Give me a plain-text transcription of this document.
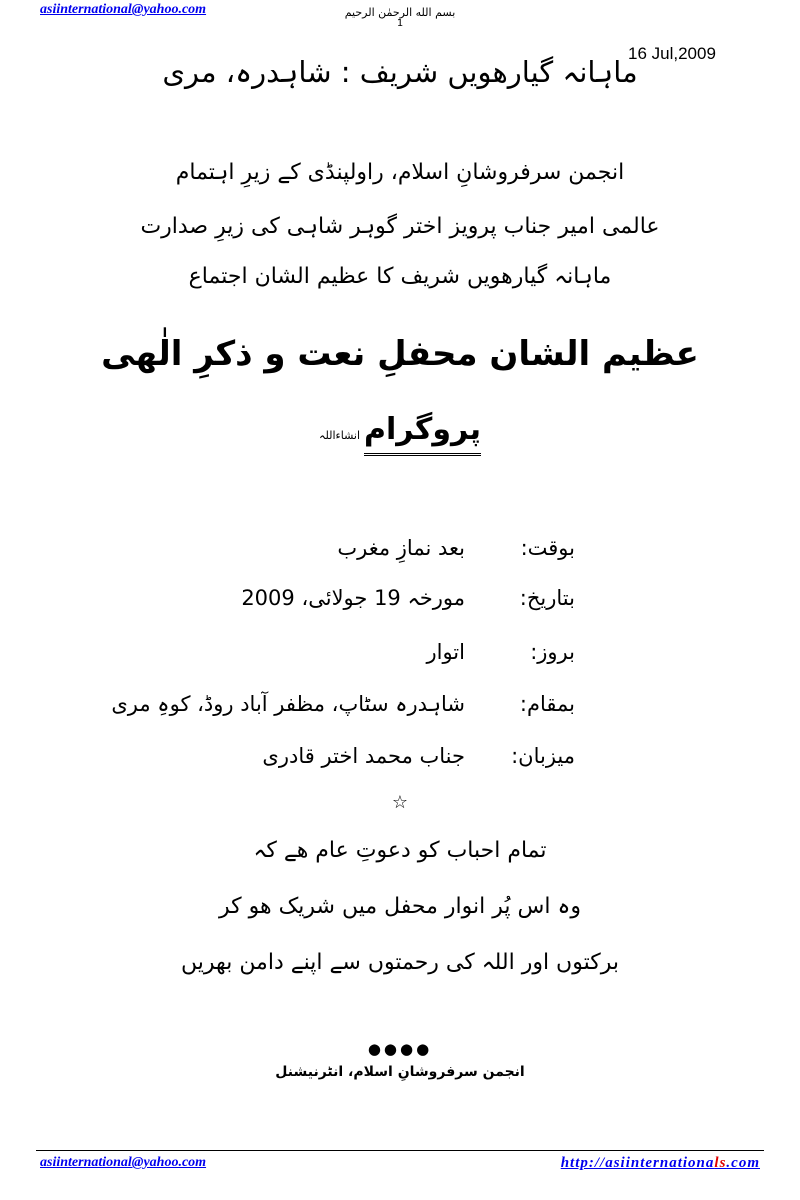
asiinternational@yahoo.com	بسم الله الرحمٰن الرحیم
1
16 Jul,2009
ماہانہ گیارھویں شریف : شاہدرہ، مری
انجمن سرفروشانِ اسلام، راولپنڈی کے زیرِ اہتمام
عالمی امیر جناب پرویز اختر گوہر شاہی کی زیرِ صدارت
ماہانہ گیارھویں شریف کا عظیم الشان اجتماع
عظیم الشان محفلِ نعت و ذکرِ الٰھی
پروگرامانشاءاللہ
بوقت:
بعد نمازِ مغرب
بتاریخ:
مورخہ 19 جولائی، 2009
بروز:
اتوار
بمقام:
شاہدرہ سٹاپ، مظفر آباد روڈ، کوہِ مری
میزبان:
جناب محمد اختر قادری
☆
تمام احباب کو دعوتِ عام ھے کہ
وہ اس پُر انوار محفل میں شریک ھو کر
برکتوں اور اللہ کی رحمتوں سے اپنے دامن بھریں
●●●●
انجمن سرفروشانِ اسلام، انٹرنیشنل
asiinternational@yahoo.com	http://asiinternationals.com
